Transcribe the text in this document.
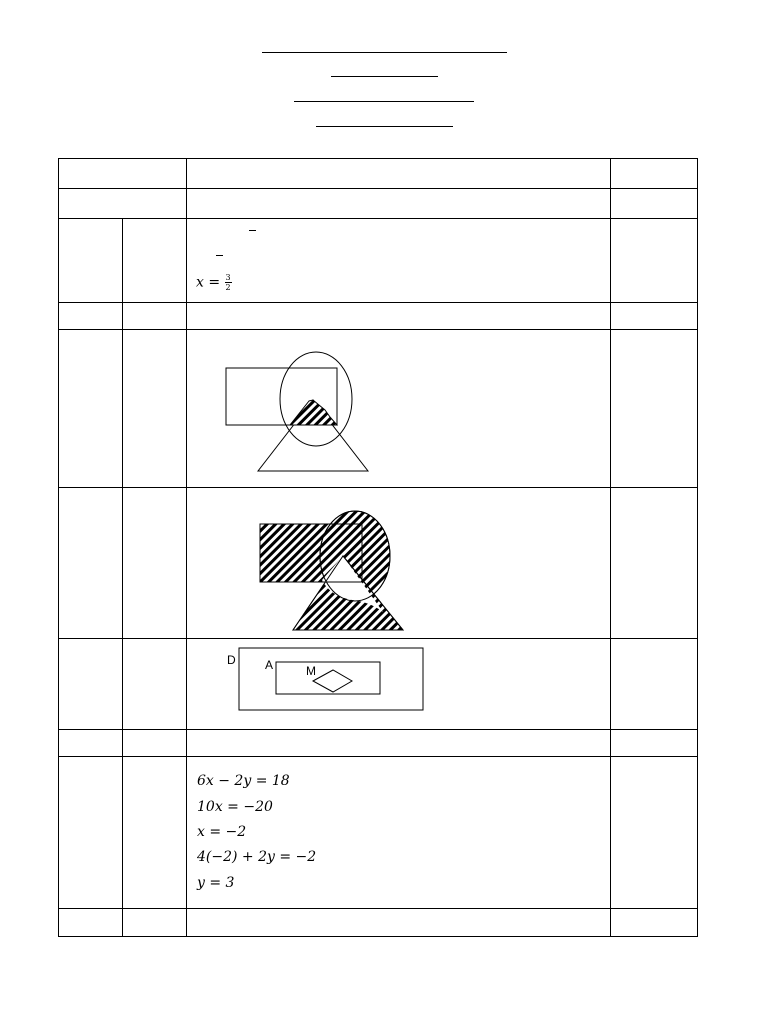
$x = \frac{3}{2}$
D A	M
6x − 2y = 18
10x = −20
x = −2
4(−2) + 2y = −2
y = 3
